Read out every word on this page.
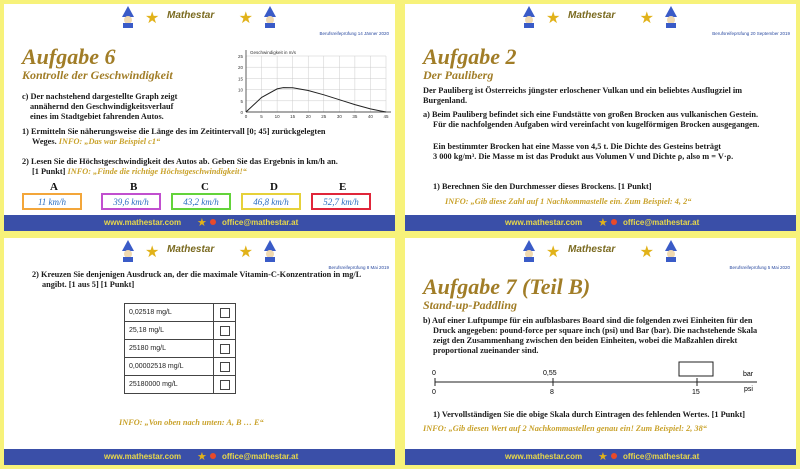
★ Mathestar ★
Berufsreifeprüfung 14 Jänner 2020
Aufgabe 6
Kontrolle der Geschwindigkeit
c) Der nachstehend dargestellte Graph zeigt
annähernd den Geschwindigkeitsverlauf
eines im Stadtgebiet fahrenden Autos.	0
5
10
15
20
25
0	5	10 15 20 25 30 35 40 45
Geschwindigkeit in m/s
1) Ermitteln Sie näherungsweise die Länge des im Zeitintervall [0; 45] zurückgelegten
Weges. INFO: „Das war Beispiel c1“
2) Lesen Sie die Höchstgeschwindigkeit des Autos ab. Geben Sie das Ergebnis in km/h an.
[1 Punkt] INFO: „Finde die richtige Höchstgeschwindigkeit!“
A	B	C	D	E
11 km/h	39,6 km/h	43,2 km/h	46,8 km/h	52,7 km/h
www.mathestar.com ★ office@mathestar.at
★ Mathestar ★
Berufsreifeprüfung 20 September 2019
Aufgabe 2
Der Pauliberg
Der Pauliberg ist Österreichs jüngster erloschener Vulkan und ein beliebtes Ausflugziel im
Burgenland.
a) Beim Pauliberg befindet sich eine Fundstätte von großen Brocken aus vulkanischen Gestein.
Für die nachfolgenden Aufgaben wird vereinfacht von kugelförmigen Brocken ausgegangen.
Ein bestimmter Brocken hat eine Masse von 4,5 t. Die Dichte des Gesteins beträgt
3 000 kg/m³. Die Masse m ist das Produkt aus Volumen V und Dichte ρ, also m = V·ρ.
1) Berechnen Sie den Durchmesser dieses Brockens. [1 Punkt]
INFO: „Gib diese Zahl auf 1 Nachkommastelle ein. Zum Beispiel: 4, 2“
www.mathestar.com ★ office@mathestar.at
★ Mathestar ★
Berufsreifeprüfung 8 Mai 2019
2) Kreuzen Sie denjenigen Ausdruck an, der die maximale Vitamin-C-Konzentration in mg/L
angibt. [1 aus 5] [1 Punkt]
0,02518 mg/L	

25,18 mg/L	

25180 mg/L	

0,00002518 mg/L	

25180000 mg/L	
INFO: „Von oben nach unten: A, B … E“
www.mathestar.com ★ office@mathestar.at
★ Mathestar ★
Berufsreifeprüfung 5 Mai 2020
Aufgabe 7 (Teil B)
Stand-up-Paddling
b) Auf einer Luftpumpe für ein aufblasbares Board sind die folgenden zwei Einheiten für den
Druck angegeben: pound-force per square inch (psi) und Bar (bar). Die nachstehende Skala
zeigt den Zusammenhang zwischen den beiden Einheiten, wobei die Maßzahlen direkt
proportional zueinander sind.
0	0,55	bar
0	8	15	psi
1) Vervollständigen Sie die obige Skala durch Eintragen des fehlenden Wertes. [1 Punkt]
INFO: „Gib diesen Wert auf 2 Nachkommastellen genau ein! Zum Beispiel: 2, 38“
www.mathestar.com ★ office@mathestar.at
